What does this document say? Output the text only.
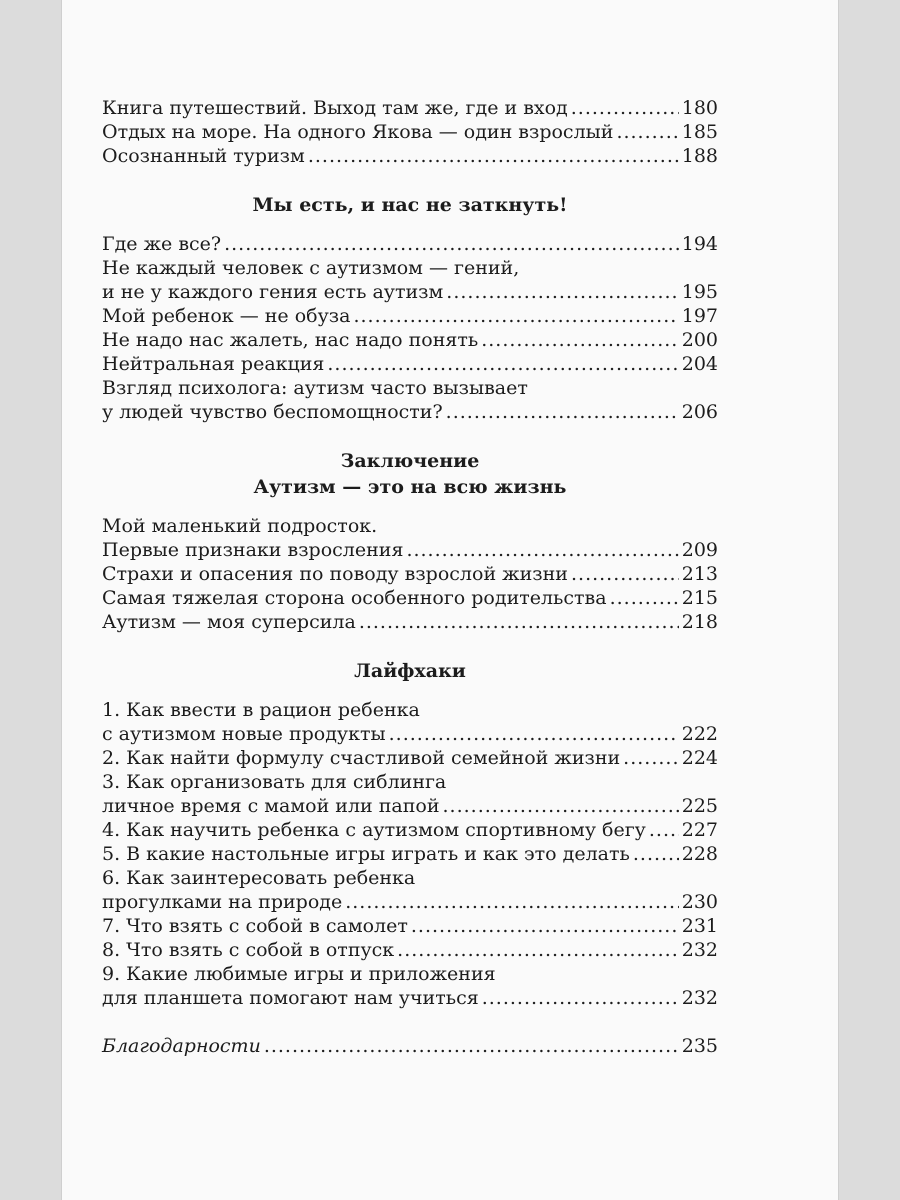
Книга путешествий. Выход там же, где и вход .....	180
Отдых на море. На одного Якова — один взрослый .....	185
Осознанный туризм .....	188
Мы есть, и нас не заткнуть!
Где же все? .....	194
Не каждый человек с аутизмом — гений,
и не у каждого гения есть аутизм .....	195
Мой ребенок — не обуза .....	197
Не надо нас жалеть, нас надо понять .....	200
Нейтральная реакция .....	204
Взгляд психолога: аутизм часто вызывает
у людей чувство беспомощности? .....	206
Заключение
Аутизм — это на всю жизнь
Мой маленький подросток.
Первые признаки взросления .....	209
Страхи и опасения по поводу взрослой жизни .....	213
Самая тяжелая сторона особенного родительства .....	215
Аутизм — моя суперсила .....	218
Лайфхаки
1. Как ввести в рацион ребенка
с аутизмом новые продукты .....	222
2. Как найти формулу счастливой семейной жизни .....	224
3. Как организовать для сиблинга
личное время с мамой или папой .....	225
4. Как научить ребенка с аутизмом спортивному бегу ..... 227
5. В какие настольные игры играть и как это делать .....	228
6. Как заинтересовать ребенка
прогулками на природе .....	230
7. Что взять с собой в самолет .....	231
8. Что взять с собой в отпуск .....	232
9. Какие любимые игры и приложения
для планшета помогают нам учиться .....	232
Благодарности .....	235
